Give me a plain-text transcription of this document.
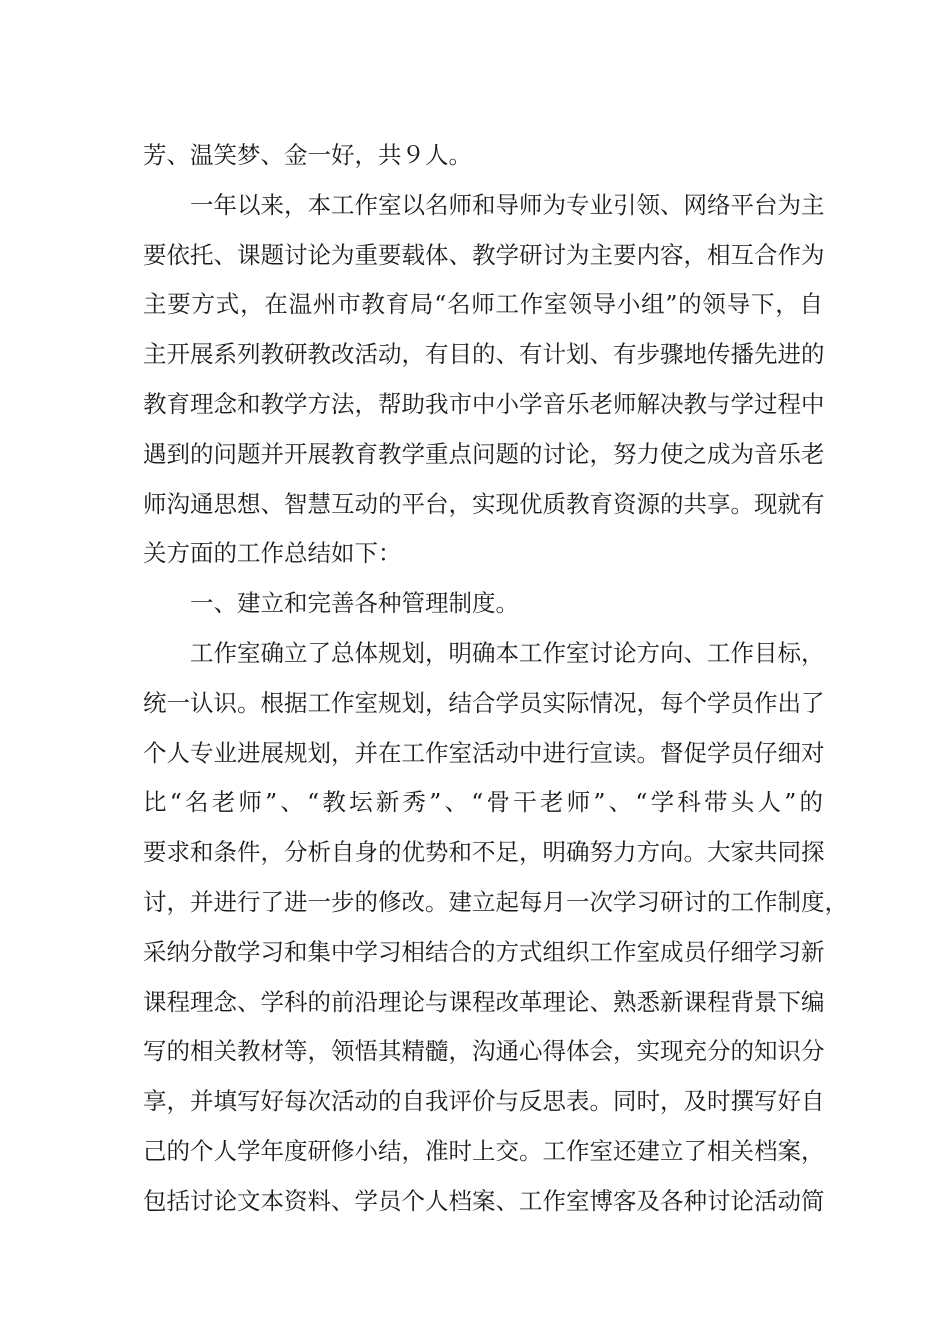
芳、温笑梦、金一好，共９人。
一年以来，本工作室以名师和导师为专业引领、网络平台为主
要依托、课题讨论为重要载体、教学研讨为主要内容，相互合作为
主要方式，在温州市教育局“名师工作室领导小组”的领导下，自
主开展系列教研教改活动，有目的、有计划、有步骤地传播先进的
教育理念和教学方法，帮助我市中小学音乐老师解决教与学过程中
遇到的问题并开展教育教学重点问题的讨论，努力使之成为音乐老
师沟通思想、智慧互动的平台，实现优质教育资源的共享。现就有
关方面的工作总结如下：
一、建立和完善各种管理制度。
工作室确立了总体规划，明确本工作室讨论方向、工作目标，
统一认识。根据工作室规划，结合学员实际情况，每个学员作出了
个人专业进展规划，并在工作室活动中进行宣读。督促学员仔细对
比“名老师”、“教坛新秀”、“骨干老师”、“学科带头人”的
要求和条件，分析自身的优势和不足，明确努力方向。大家共同探
讨，并进行了进一步的修改。建立起每月一次学习研讨的工作制度，
采纳分散学习和集中学习相结合的方式组织工作室成员仔细学习新
课程理念、学科的前沿理论与课程改革理论、熟悉新课程背景下编
写的相关教材等，领悟其精髓，沟通心得体会，实现充分的知识分
享，并填写好每次活动的自我评价与反思表。同时，及时撰写好自
己的个人学年度研修小结，准时上交。工作室还建立了相关档案，
包括讨论文本资料、学员个人档案、工作室博客及各种讨论活动简
